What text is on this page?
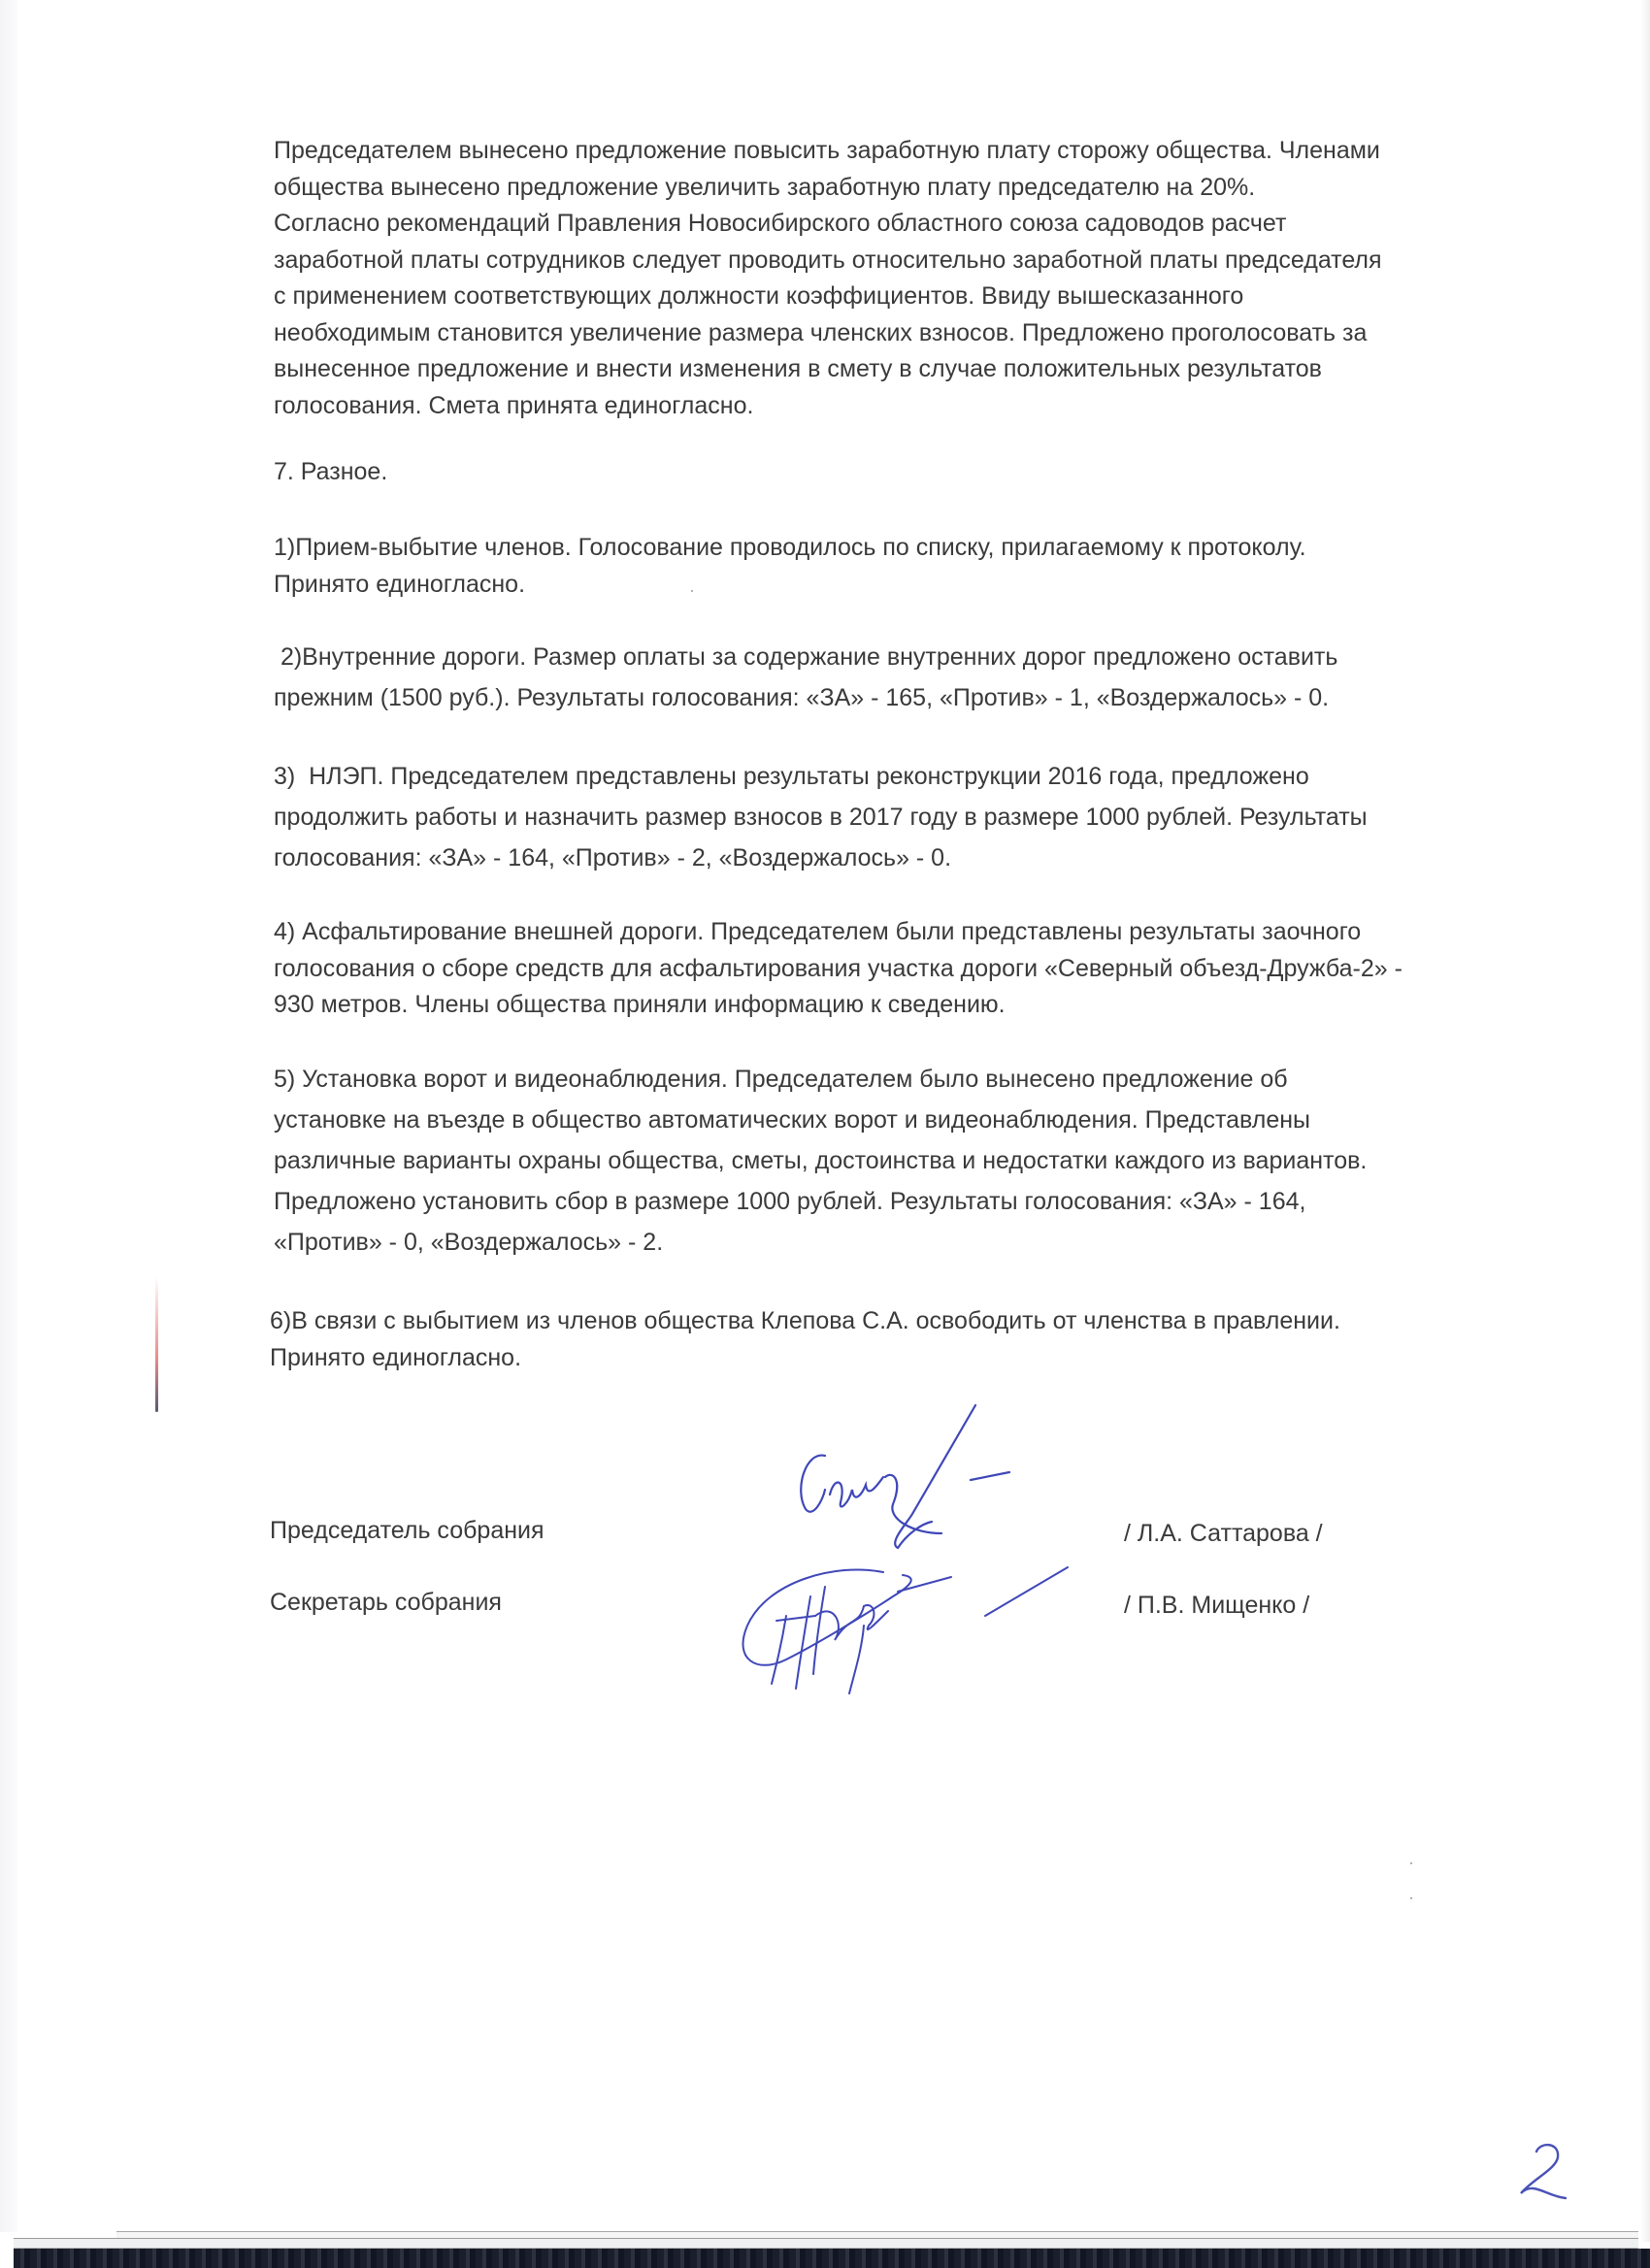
Председателем вынесено предложение повысить заработную плату сторожу общества. Членами
общества вынесено предложение увеличить заработную плату председателю на 20%.
Согласно рекомендаций Правления Новосибирского областного союза садоводов расчет
заработной платы сотрудников следует проводить относительно заработной платы председателя
с применением соответствующих должности коэффициентов. Ввиду вышесказанного
необходимым становится увеличение размера членских взносов. Предложено проголосовать за
вынесенное предложение и внести изменения в смету в случае положительных результатов
голосования. Смета принята единогласно.
7. Разное.
1)Прием-выбытие членов. Голосование проводилось по списку, прилагаемому к протоколу.
Принято единогласно.
2)Внутренние дороги. Размер оплаты за содержание внутренних дорог предложено оставить
прежним (1500 руб.). Результаты голосования: «ЗА» - 165, «Против» - 1, «Воздержалось» - 0.
3)  НЛЭП. Председателем представлены результаты реконструкции 2016 года, предложено
продолжить работы и назначить размер взносов в 2017 году в размере 1000 рублей. Результаты
голосования: «ЗА» - 164, «Против» - 2, «Воздержалось» - 0.
4) Асфальтирование внешней дороги. Председателем были представлены результаты заочного
голосования о сборе средств для асфальтирования участка дороги «Северный объезд-Дружба-2» -
930 метров. Члены общества приняли информацию к сведению.
5) Установка ворот и видеонаблюдения. Председателем было вынесено предложение об
установке на въезде в общество автоматических ворот и видеонаблюдения. Представлены
различные варианты охраны общества, сметы, достоинства и недостатки каждого из вариантов.
Предложено установить сбор в размере 1000 рублей. Результаты голосования: «ЗА» - 164,
«Против» - 0, «Воздержалось» - 2.
6)В связи с выбытием из членов общества Клепова С.А. освободить от членства в правлении.
Принято единогласно.
Председатель собрания	/ Л.А. Саттарова /
Секретарь собрания	/ П.В. Мищенко /
